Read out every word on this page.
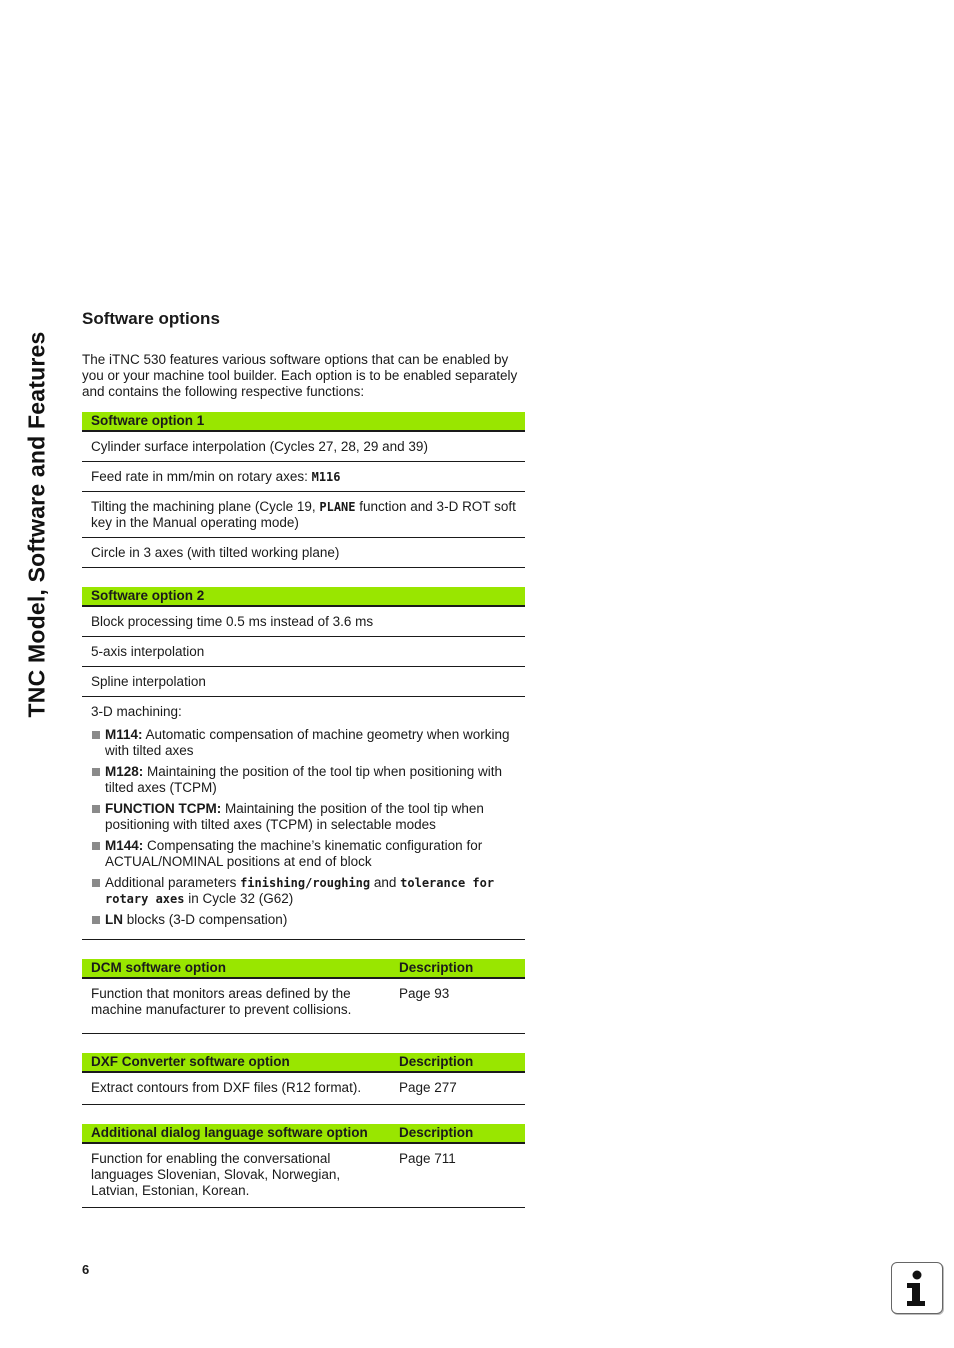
TNC Model, Software and Features
Software options

The iTNC 530 features various software options that can be enabled by you or your machine tool builder. Each option is to be enabled separately and contains the following respective functions:

Software option 1
Cylinder surface interpolation (Cycles 27, 28, 29 and 39)
Feed rate in mm/min on rotary axes: M116
Tilting the machining plane (Cycle 19, PLANE function and 3-D ROT soft key in the Manual operating mode)
Circle in 3 axes (with tilted working plane)
Software option 2
Block processing time 0.5 ms instead of 3.6 ms
5-axis interpolation
Spline interpolation

3-D machining:
M114: Automatic compensation of machine geometry when working with tilted axes
M128: Maintaining the position of the tool tip when positioning with tilted axes (TCPM)
FUNCTION TCPM: Maintaining the position of the tool tip when positioning with tilted axes (TCPM) in selectable modes
M144: Compensating the machine’s kinematic configuration for ACTUAL/NOMINAL positions at end of block
Additional parameters finishing/roughing and tolerance for rotary axes in Cycle 32 (G62)
LN blocks (3-D compensation)
DCM software option	Description
Function that monitors areas defined by the machine manufacturer to prevent collisions.	Page 93
DXF Converter software option	Description
Extract contours from DXF files (R12 format).	Page 277
Additional dialog language software option	Description
Function for enabling the conversational languages Slovenian, Slovak, Norwegian, Latvian, Estonian, Korean.	Page 711
6
